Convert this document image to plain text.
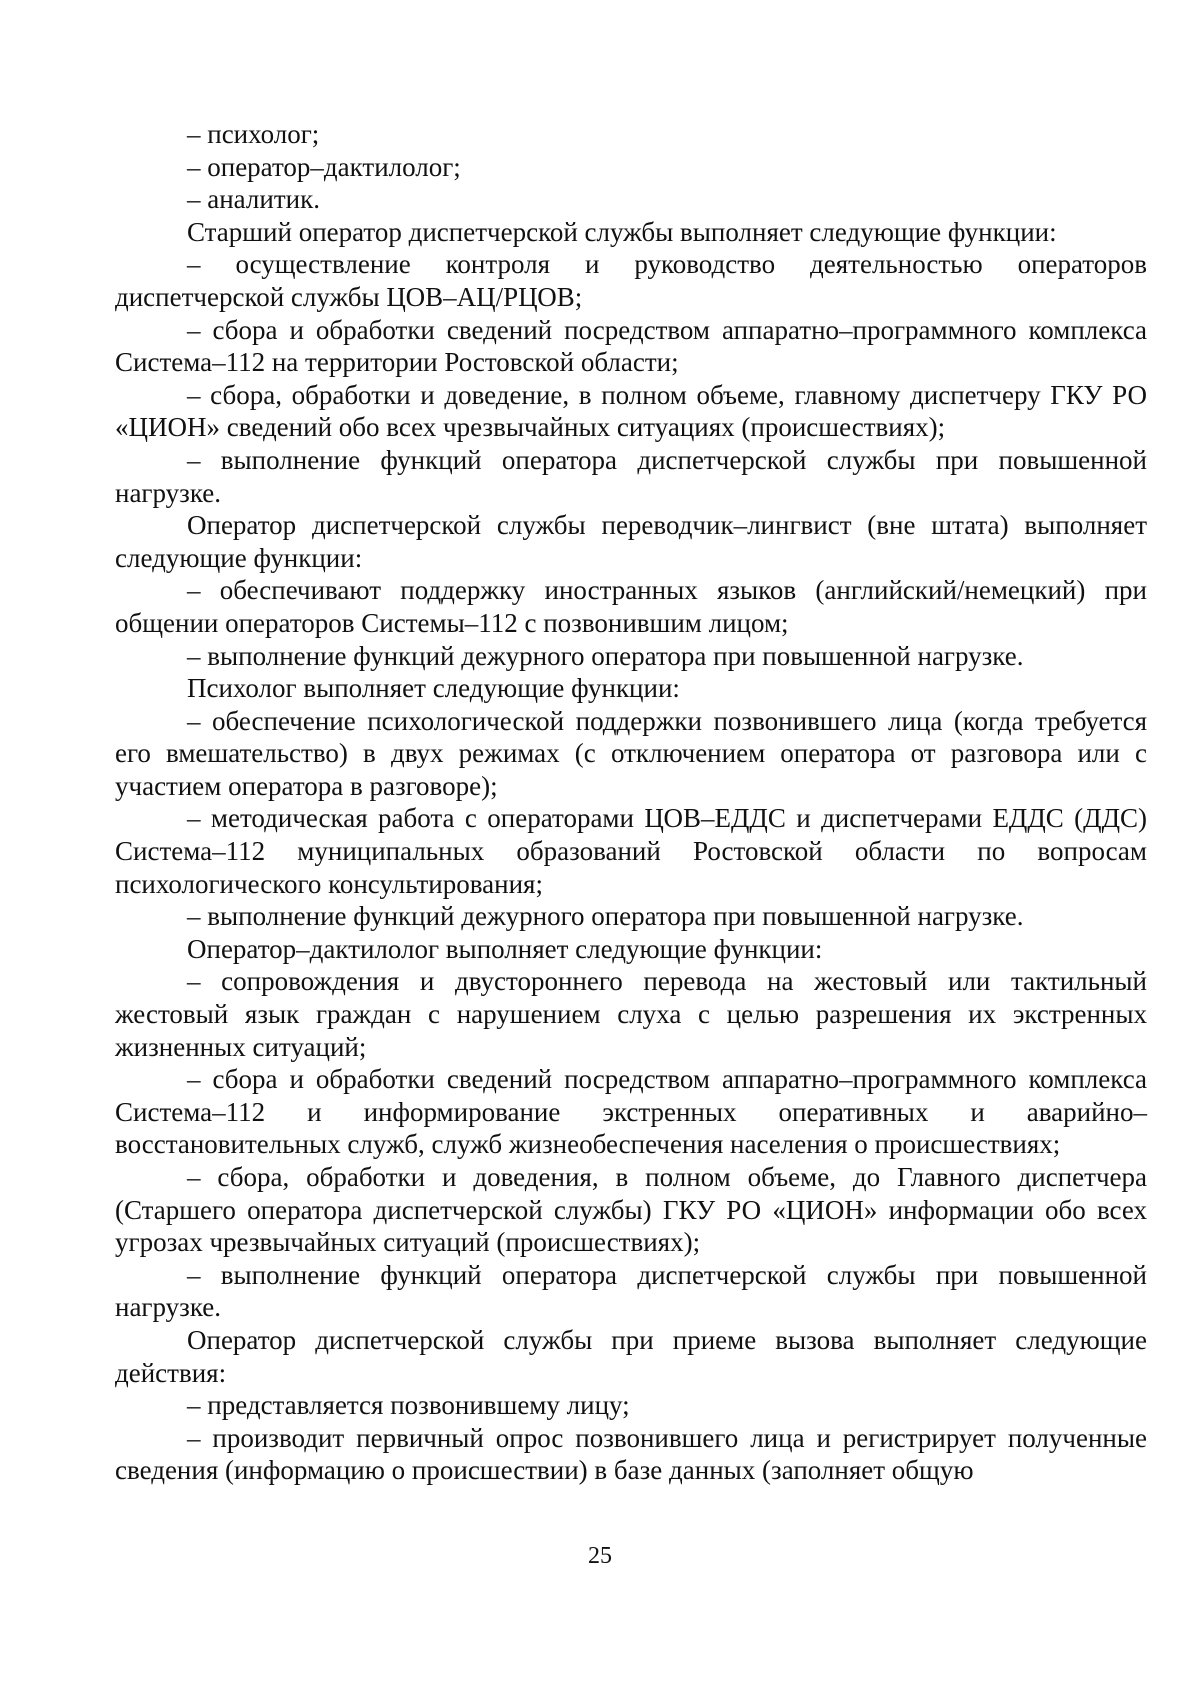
– психолог;

– оператор–дактилолог;

– аналитик.

Старший оператор диспетчерской службы выполняет следующие функции:

– осуществление контроля и руководство деятельностью операторов диспетчерской службы ЦОВ–АЦ/РЦОВ;

– сбора и обработки сведений посредством аппаратно–программного комплекса Система–112 на территории Ростовской области;

– сбора, обработки и доведение, в полном объеме, главному диспетчеру ГКУ РО «ЦИОН» сведений обо всех чрезвычайных ситуациях (происшествиях);

– выполнение функций оператора диспетчерской службы при повышенной нагрузке.

Оператор диспетчерской службы переводчик–лингвист (вне штата) выполняет следующие функции:

– обеспечивают поддержку иностранных языков (английский/немецкий) при общении операторов Системы–112 с позвонившим лицом;

– выполнение функций дежурного оператора при повышенной нагрузке.

Психолог выполняет следующие функции:

– обеспечение психологической поддержки позвонившего лица (когда требуется его вмешательство) в двух режимах (с отключением оператора от разговора или с участием оператора в разговоре);

– методическая работа с операторами ЦОВ–ЕДДС и диспетчерами ЕДДС (ДДС) Система–112 муниципальных образований Ростовской области по вопросам психологического консультирования;

– выполнение функций дежурного оператора при повышенной нагрузке.

Оператор–дактилолог выполняет следующие функции:

– сопровождения и двустороннего перевода на жестовый или тактильный жестовый язык граждан с нарушением слуха с целью разрешения их экстренных жизненных ситуаций;

– сбора и обработки сведений посредством аппаратно–программного комплекса Система–112 и информирование экстренных оперативных и аварийно–восстановительных служб, служб жизнеобеспечения населения о происшествиях;

– сбора, обработки и доведения, в полном объеме, до Главного диспетчера (Старшего оператора диспетчерской службы) ГКУ РО «ЦИОН» информации обо всех угрозах чрезвычайных ситуаций (происшествиях);

– выполнение функций оператора диспетчерской службы при повышенной нагрузке.

Оператор диспетчерской службы при приеме вызова выполняет следующие действия:

– представляется позвонившему лицу;

– производит первичный опрос позвонившего лица и регистрирует полученные сведения (информацию о происшествии) в базе данных (заполняет общую

25
